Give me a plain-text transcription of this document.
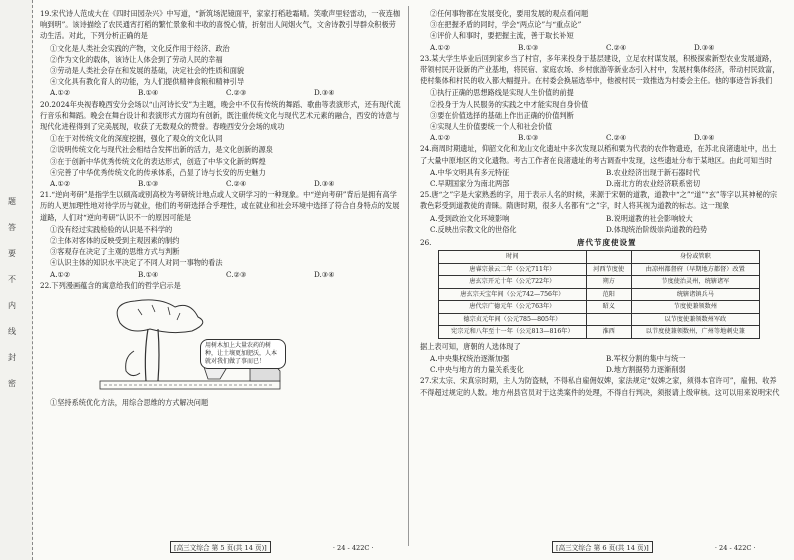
题
答
要
不
内
线
封
密

19.宋代诗人范成大在《四时田园杂兴》中写道，“新筑场泥镜面平，家家打稻趁霜晴。笑歌声里轻雷动，一夜连枷响到明”。该诗描绘了农民通宵打稻的繁忙景象和丰收的喜悦心情，折射出人间烟火气，文舍诗教引导群众积极劳动生活。对此，下列分析正确的是

①文化是人类社会实践的产物，文化反作用于经济、政治

②作为文化的载体，该诗让人体会到了劳动人民的幸福

③劳动是人类社会存在和发展的基础，决定社会的性质和面貌

④文化具有教化育人的功能，为人们提供精神食粮和精神引导

A.①②	B.①④	C.②③	D.③④

20.2024年央视春晚西安分会场以“山河诗长安”为主题，晚会中不仅有传统的舞蹈、歌曲等表演形式，还有现代流行音乐和舞蹈。晚会在舞台设计和表演形式方面均有创新，既注重传统文化与现代艺术元素的融合，西安的诗意与现代化进程得到了完美展现，收获了无数观众的赞誉。春晚西安分会场的成功

①在于对传统文化的深度挖掘，强化了观众的文化认同

②说明传统文化与现代社会相结合发挥出新的活力，是文化创新的源泉

③在于创新中华优秀传统文化的表达形式，创造了中华文化新的辉煌

④完善了中华优秀传统文化的传承体系，凸显了诗与长安的历史魅力

A.①②	B.①③	C.②④	D.③④

21.“逆向考研”是指学生以硕高或别高校为考研统计地点或人文研学习的一种现象。中“逆向考研”背后是拥有高学历的人更加理性地对待学历与就业，他们的考研选择合乎理性，或在就业和社会环境中选择了符合自身特点的发展道路，人们对“逆向考研”认识不一的原因可能是

①没有经过实践检验的认识是不科学的

②主体对客体的反映受到主观因素的制约

③客观存在决定了主观的思维方式与判断

④认识主体的知识水平决定了不同人对同一事物的看法

A.①②	B.①④	C.②③	D.③④

22.下列漫画蕴含的寓意给我们的哲学启示是

用树木加上大量农药的树种，让土壤更加肥沃，人本就对我们做了事而已！

①坚持系统优化方法，用综合思维的方式解决问题

②任何事物都在发展变化，要用发展的观点看问题

③在把握矛盾的同时，学会“两点论”与“重点论”

④评价人和事时，要把握主流，善于取长补短

A.①②	B.①③	C.②④	D.③④

23.某大学生毕业后回到家乡当了村官，多年来投身于基层建设，立足农村谋发展，积极探索新型农业发展道路，带领村民开设新的产业基地，将民宿、家庭农场、乡村旅游等新业态引入村中，发展村集体经济，带动村民致富，使村集体和村民的收入都大幅提升。在村委会换届选举中，他被村民一致推选为村委会主任。他的事迹告诉我们

①执行正确的思想路线是实现人生价值的前提

②投身于为人民服务的实践之中才能实现自身价值

③要在价值选择的基础上作出正确的价值判断

④实现人生价值要统一个人和社会价值

A.①②	B.①③	C.②④	D.③④

24.商周时期遗址，仰韶文化和龙山文化遗址中多次发现以稻和粟为代表的农作物遗迹，在苏北良渚遗址中，出土了大量中原地区的文化遗物。考古工作者在良渚遗址的考古调查中发现，这些遗址分布于某地区。由此可知当时

A.中华文明具有多元特征	B.农业经济出现于新石器时代
C.早期国家分为南北两部	D.南北方的农业经济联系密切

25.唐“之”字是大家熟悉的字，用于表示人名的时候，来源于宋朝的道教，道教中“之”“道”“玄”等字以其神秘的宗教色彩受到道教徒的青睐。隋唐时期，很多人名都有“之”字，时人将其视为道教的标志。这一现象

A.受到政治文化环境影响	B.说明道教的社会影响较大
C.反映出宗教文化的世俗化	D.体现统治阶级崇尚道教的趋势
26.	唐代节度使设置
时间		身份或管职
唐睿宗景云二年（公元711年）	河西节度使	由凉州都督府（早期地方都督）改置
唐玄宗开元十年（公元722年）	朔方	节度使治灵州，统辖诸军
唐玄宗天宝年间（公元742—756年）	范阳	统辖诸镇兵马
唐代宗广德元年（公元763年）	昭义	节度使兼领数州
德宗贞元年间（公元785—805年）		以节度使兼领数州军政
宪宗元和八年至十一年（公元813—816年）	淮西	以节度使兼领数州，广州等地刺史兼

据上表可知，唐朝的人选体现了

A.中央集权统治逐渐加强	B.军权分割的集中与统一
C.中央与地方的力量关系变化	D.地方割据势力逐渐削弱

27.宋太宗、宋真宗时期，主人为防盗贼，不得私自雇佣奴婢，家法规定“奴婢之家，须得本官许可”，雇佣、收养不得超过规定的人数。地方州县官员对于这类案件的处理，不得自行判决，须报请上级审核。这可以用来说明宋代

[高三文综合 第 5 页(共 14 页)]	· 24 - 422C ·	[高三文综合 第 6 页(共 14 页)]	· 24 - 422C ·
